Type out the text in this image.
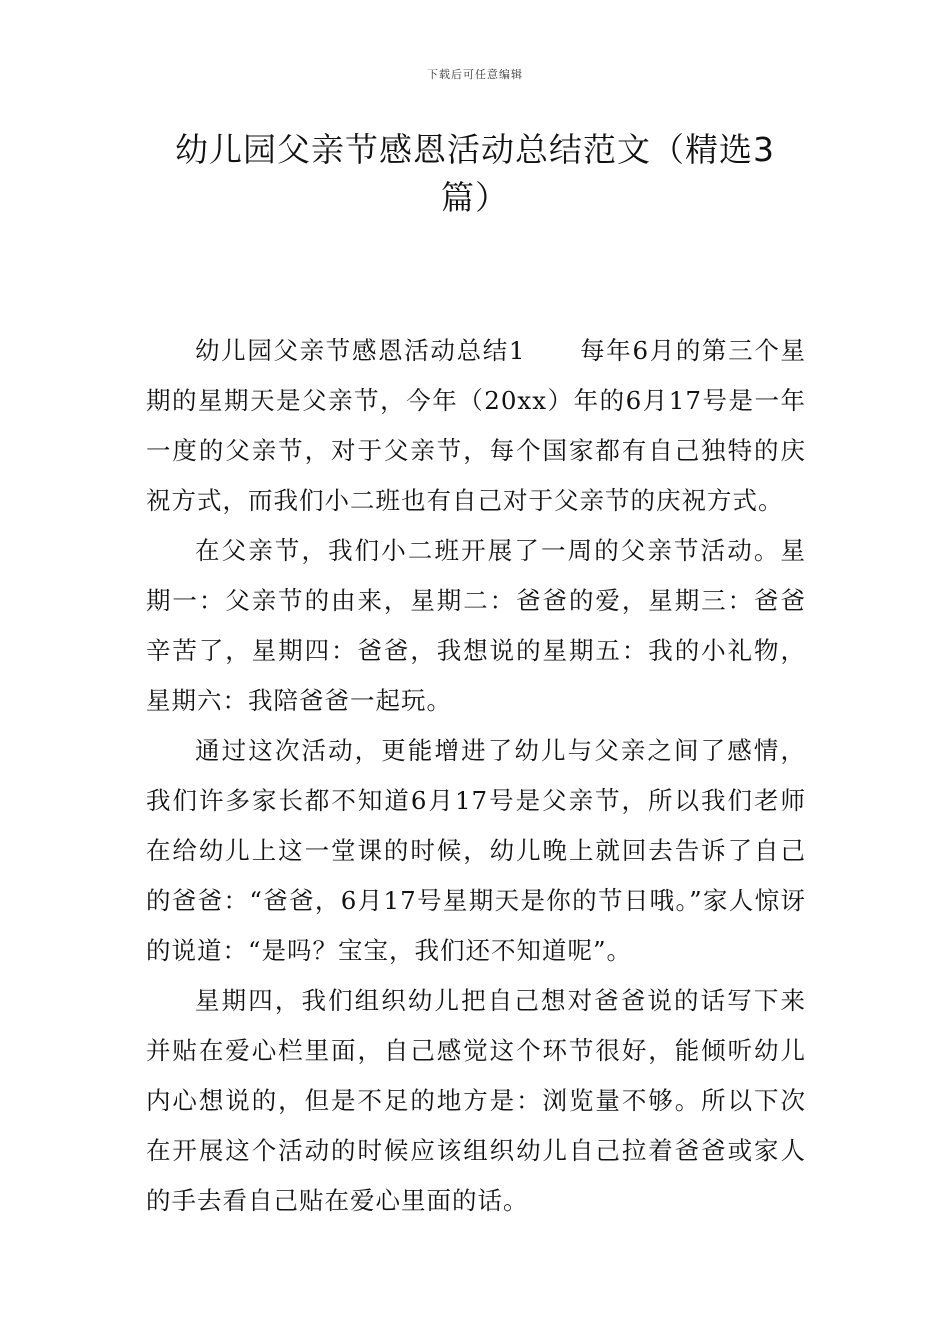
下载后可任意编辑
幼儿园父亲节感恩活动总结范文（精选3篇）

幼儿园父亲节感恩活动总结1 每年6月的第三个星期的星期天是父亲节，今年（20xx）年的6月17号是一年一度的父亲节，对于父亲节，每个国家都有自己独特的庆祝方式，而我们小二班也有自己对于父亲节的庆祝方式。

在父亲节，我们小二班开展了一周的父亲节活动。星期一：父亲节的由来，星期二：爸爸的爱，星期三：爸爸辛苦了，星期四：爸爸，我想说的星期五：我的小礼物，星期六：我陪爸爸一起玩。

通过这次活动，更能增进了幼儿与父亲之间了感情，我们许多家长都不知道6月17号是父亲节，所以我们老师在给幼儿上这一堂课的时候，幼儿晚上就回去告诉了自己的爸爸：“爸爸，6月17号星期天是你的节日哦。”家人惊讶的说道：“是吗？宝宝，我们还不知道呢”。

星期四，我们组织幼儿把自己想对爸爸说的话写下来并贴在爱心栏里面，自己感觉这个环节很好，能倾听幼儿内心想说的，但是不足的地方是：浏览量不够。所以下次在开展这个活动的时候应该组织幼儿自己拉着爸爸或家人的手去看自己贴在爱心里面的话。
